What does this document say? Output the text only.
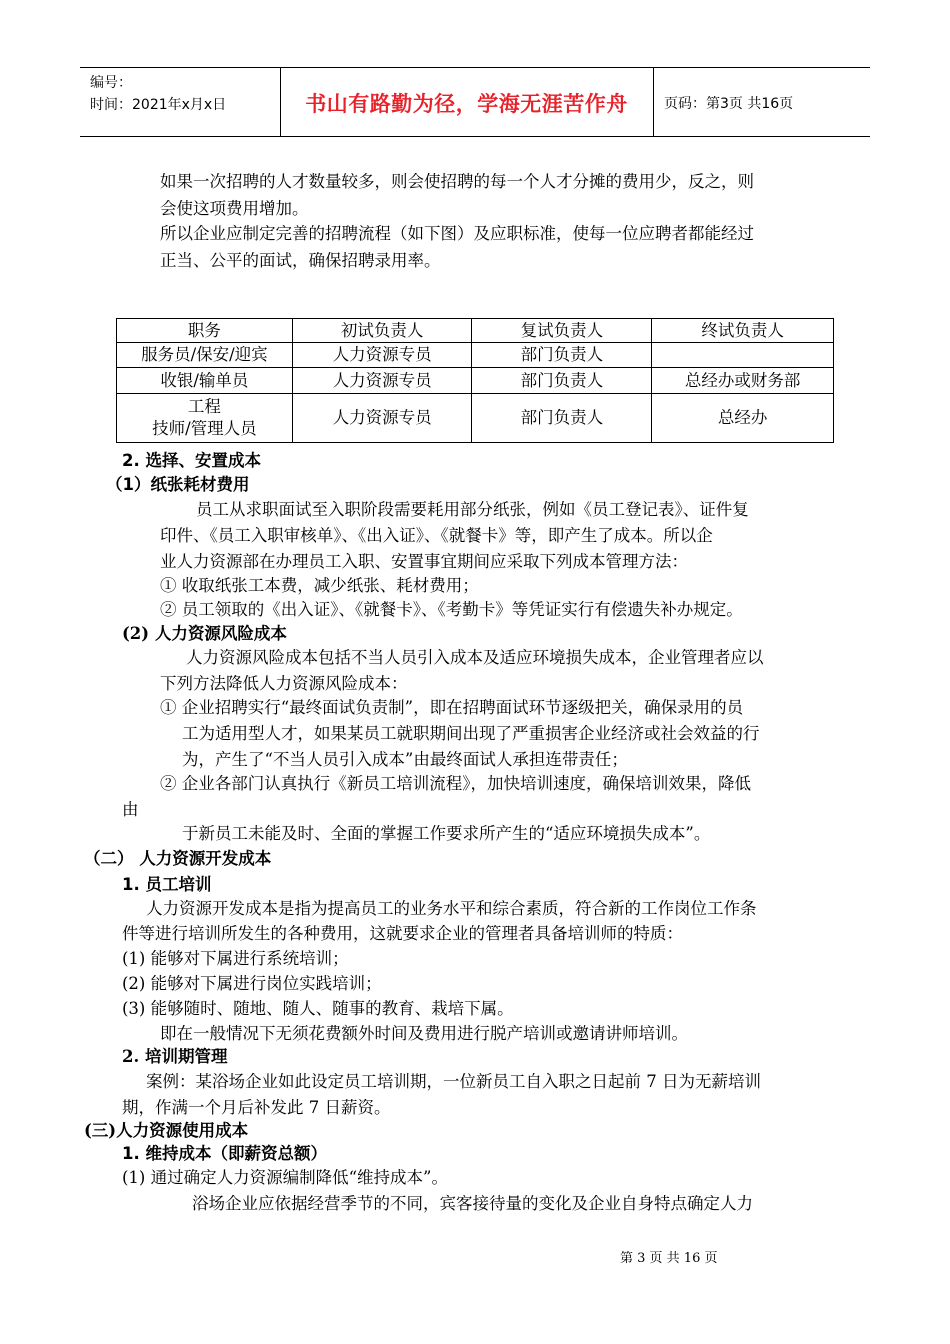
编号：
时间：2021年x月x日	书山有路勤为径，学海无涯苦作舟	页码：第3页 共16页
如果一次招聘的人才数量较多，则会使招聘的每一个人才分摊的费用少，反之，则
会使这项费用增加。
所以企业应制定完善的招聘流程（如下图）及应职标准，使每一位应聘者都能经过
正当、公平的面试，确保招聘录用率。
职务	初试负责人	复试负责人	终试负责人
服务员/保安/迎宾	人力资源专员	部门负责人	
收银/输单员	人力资源专员	部门负责人	总经办或财务部

工程
技师/管理人员	人力资源专员	部门负责人	总经办
2. 选择、安置成本
（1）纸张耗材费用
员工从求职面试至入职阶段需要耗用部分纸张，例如《员工登记表》、证件复
印件、《员工入职审核单》、《出入证》、《就餐卡》等，即产生了成本。所以企
业人力资源部在办理员工入职、安置事宜期间应采取下列成本管理方法：
① 收取纸张工本费，减少纸张、耗材费用；
② 员工领取的《出入证》、《就餐卡》、《考勤卡》等凭证实行有偿遗失补办规定。
(2) 人力资源风险成本
人力资源风险成本包括不当人员引入成本及适应环境损失成本，企业管理者应以
下列方法降低人力资源风险成本：
① 企业招聘实行“最终面试负责制”，即在招聘面试环节逐级把关，确保录用的员
工为适用型人才，如果某员工就职期间出现了严重损害企业经济或社会效益的行
为，产生了“不当人员引入成本”由最终面试人承担连带责任；
② 企业各部门认真执行《新员工培训流程》，加快培训速度，确保培训效果，降低
由
于新员工未能及时、全面的掌握工作要求所产生的“适应环境损失成本”。
（二） 人力资源开发成本
1. 员工培训
人力资源开发成本是指为提高员工的业务水平和综合素质，符合新的工作岗位工作条
件等进行培训所发生的各种费用，这就要求企业的管理者具备培训师的特质：
(1) 能够对下属进行系统培训；
(2) 能够对下属进行岗位实践培训；
(3) 能够随时、随地、随人、随事的教育、栽培下属。
即在一般情况下无须花费额外时间及费用进行脱产培训或邀请讲师培训。
2. 培训期管理
案例：某浴场企业如此设定员工培训期，一位新员工自入职之日起前 7 日为无薪培训
期，作满一个月后补发此 7 日薪资。
(三)人力资源使用成本
1. 维持成本（即薪资总额）
(1) 通过确定人力资源编制降低“维持成本”。
浴场企业应依据经营季节的不同，宾客接待量的变化及企业自身特点确定人力
第 3 页 共 16 页
